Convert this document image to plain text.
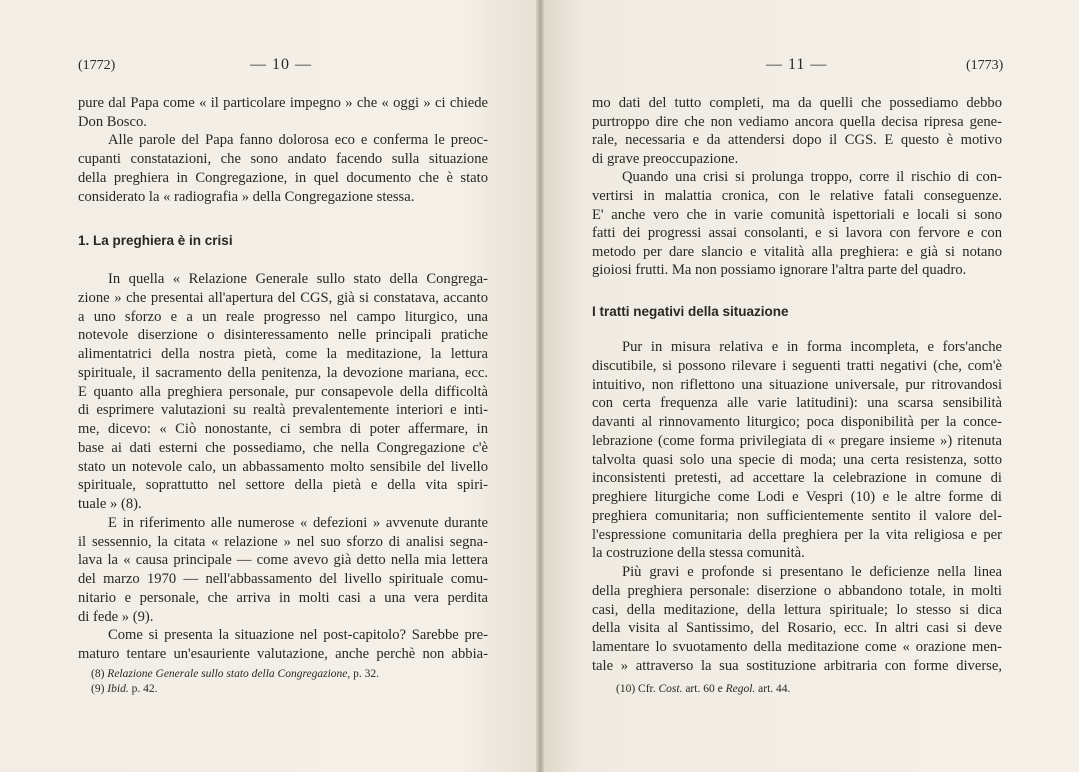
(1772)	— 10 —
pure dal Papa come « il particolare impegno » che « oggi » ci chiede
Don Bosco.
Alle parole del Papa fanno dolorosa eco e conferma le preoc-
cupanti constatazioni, che sono andato facendo sulla situazione
della preghiera in Congregazione, in quel documento che è stato
considerato la « radiografia » della Congregazione stessa.
1. La preghiera è in crisi
In quella « Relazione Generale sullo stato della Congrega-
zione » che presentai all'apertura del CGS, già si constatava, accanto
a uno sforzo e a un reale progresso nel campo liturgico, una
notevole diserzione o disinteressamento nelle principali pratiche
alimentatrici della nostra pietà, come la meditazione, la lettura
spirituale, il sacramento della penitenza, la devozione mariana, ecc.
E quanto alla preghiera personale, pur consapevole della difficoltà
di esprimere valutazioni su realtà prevalentemente interiori e inti-
me, dicevo: « Ciò nonostante, ci sembra di poter affermare, in
base ai dati esterni che possediamo, che nella Congregazione c'è
stato un notevole calo, un abbassamento molto sensibile del livello
spirituale, soprattutto nel settore della pietà e della vita spiri-
tuale » (8).
E in riferimento alle numerose « defezioni » avvenute durante
il sessennio, la citata « relazione » nel suo sforzo di analisi segna-
lava la « causa principale — come avevo già detto nella mia lettera
del marzo 1970 — nell'abbassamento del livello spirituale comu-
nitario e personale, che arriva in molti casi a una vera perdita
di fede » (9).
Come si presenta la situazione nel post-capitolo? Sarebbe pre-
maturo tentare un'esauriente valutazione, anche perchè non abbia-
(8) Relazione Generale sullo stato della Congregazione, p. 32.
(9) Ibid. p. 42.
— 11 —	(1773)
mo dati del tutto completi, ma da quelli che possediamo debbo
purtroppo dire che non vediamo ancora quella decisa ripresa gene-
rale, necessaria e da attendersi dopo il CGS. E questo è motivo
di grave preoccupazione.
Quando una crisi si prolunga troppo, corre il rischio di con-
vertirsi in malattia cronica, con le relative fatali conseguenze.
E' anche vero che in varie comunità ispettoriali e locali si sono
fatti dei progressi assai consolanti, e si lavora con fervore e con
metodo per dare slancio e vitalità alla preghiera: e già si notano
gioiosi frutti. Ma non possiamo ignorare l'altra parte del quadro.
I tratti negativi della situazione
Pur in misura relativa e in forma incompleta, e fors'anche
discutibile, si possono rilevare i seguenti tratti negativi (che, com'è
intuitivo, non riflettono una situazione universale, pur ritrovandosi
con certa frequenza alle varie latitudini): una scarsa sensibilità
davanti al rinnovamento liturgico; poca disponibilità per la conce-
lebrazione (come forma privilegiata di « pregare insieme ») ritenuta
talvolta quasi solo una specie di moda; una certa resistenza, sotto
inconsistenti pretesti, ad accettare la celebrazione in comune di
preghiere liturgiche come Lodi e Vespri (10) e le altre forme di
preghiera comunitaria; non sufficientemente sentito il valore del-
l'espressione comunitaria della preghiera per la vita religiosa e per
la costruzione della stessa comunità.
Più gravi e profonde si presentano le deficienze nella linea
della preghiera personale: diserzione o abbandono totale, in molti
casi, della meditazione, della lettura spirituale; lo stesso si dica
della visita al Santissimo, del Rosario, ecc. In altri casi si deve
lamentare lo svuotamento della meditazione come « orazione men-
tale » attraverso la sua sostituzione arbitraria con forme diverse,
(10) Cfr. Cost. art. 60 e Regol. art. 44.
